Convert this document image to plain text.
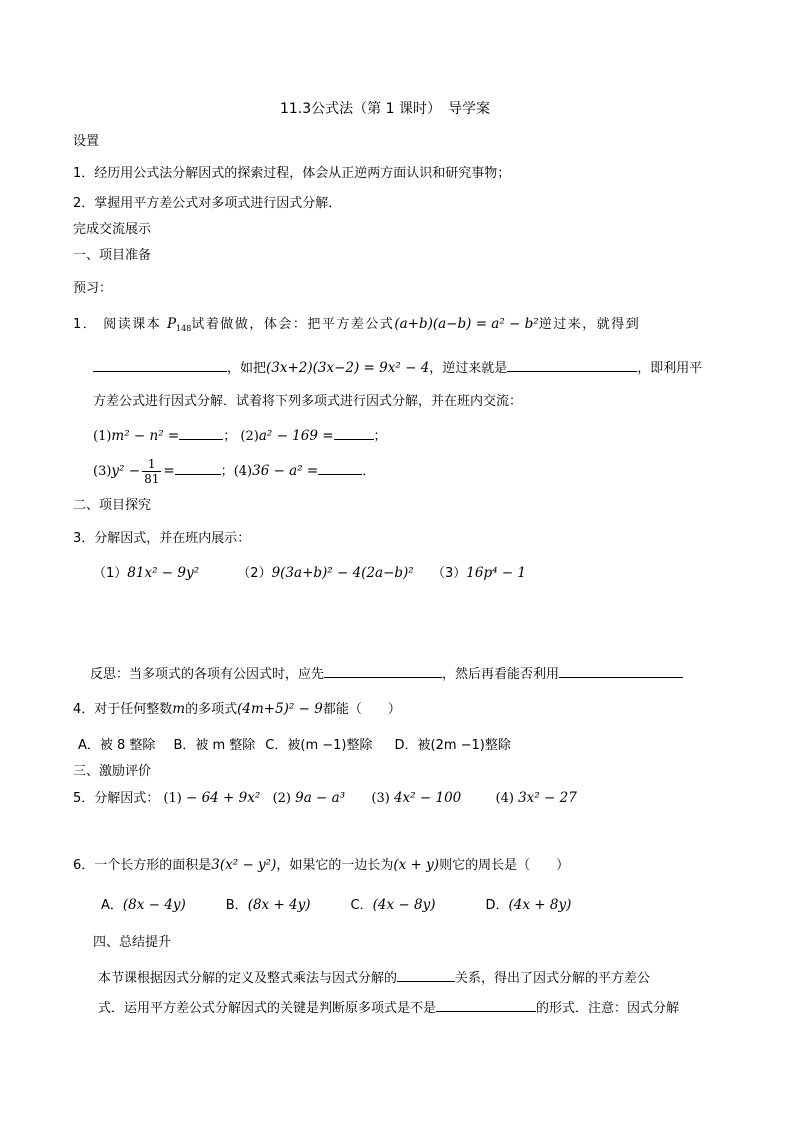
11.3公式法（第 1 课时）　导学案
设置
1．经历用公式法分解因式的探索过程，体会从正逆两方面认识和研究事物；
2．掌握用平方差公式对多项式进行因式分解．
完成交流展示
一、项目准备
预习：
1． 阅读课本 $P_{148}$试着做做，体会：把平方差公式(a+b)(a−b) = a² − b²逆过来，就得到
，如把(3x+2)(3x−2) = 9x² − 4，逆过来就是	，即利用平
方差公式进行因式分解．试着将下列多项式进行因式分解，并在班内交流：
(1)m² − n² =	； (2)a² − 169 =	；
$(3)y^2 - \frac{1}{81}$ =	；(4)36 − a² =	．
二、项目探究
3．分解因式，并在班内展示：
（1）81x² − 9y²	（2）9(3a+b)² − 4(2a−b)² （3）16p⁴ − 1
反思：当多项式的各项有公因式时，应先	，然后再看能否利用
4．对于任何整数m的多项式(4m+5)² − 9都能（　　）
A．被 8 整除 B．被 m 整除 C．被(m −1)整除 D．被(2m −1)整除
三、激励评价
5．分解因式： (1) − 64 + 9x² (2) 9a − a³ (3) 4x² − 100	(4) 3x² − 27
6．一个长方形的面积是3(x² − y²)，如果它的一边长为(x + y)则它的周长是（　　）
A．(8x − 4y)	B．(8x + 4y)	C．(4x − 8y)	D．(4x + 8y)
四、总结提升
本节课根据因式分解的定义及整式乘法与因式分解的	关系，得出了因式分解的平方差公
式．运用平方差公式分解因式的关键是判断原多项式是不是	的形式．注意：因式分解
